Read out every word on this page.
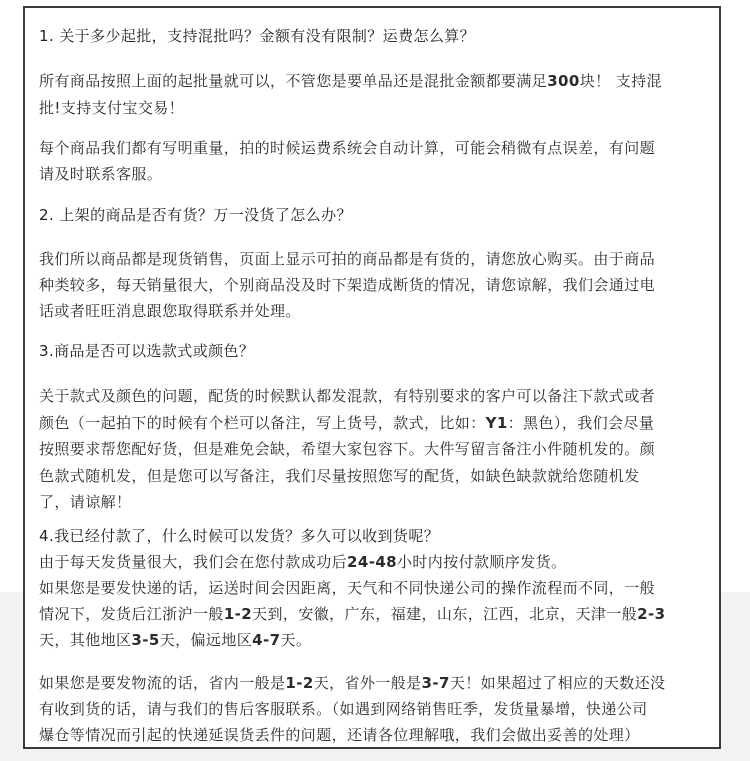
1. 关于多少起批，支持混批吗？金额有没有限制？运费怎么算？
所有商品按照上面的起批量就可以，不管您是要单品还是混批金额都要满足300块！ 支持混
批!支持支付宝交易！
每个商品我们都有写明重量，拍的时候运费系统会自动计算，可能会稍微有点误差，有问题
请及时联系客服。
2. 上架的商品是否有货？万一没货了怎么办？
我们所以商品都是现货销售，页面上显示可拍的商品都是有货的，请您放心购买。由于商品
种类较多，每天销量很大，个别商品没及时下架造成断货的情况，请您谅解，我们会通过电
话或者旺旺消息跟您取得联系并处理。
3.商品是否可以选款式或颜色？
关于款式及颜色的问题，配货的时候默认都发混款，有特别要求的客户可以备注下款式或者
颜色（一起拍下的时候有个栏可以备注，写上货号，款式，比如：Y1：黑色），我们会尽量
按照要求帮您配好货，但是难免会缺，希望大家包容下。大件写留言备注小件随机发的。颜
色款式随机发，但是您可以写备注，我们尽量按照您写的配货，如缺色缺款就给您随机发
了，请谅解！
4.我已经付款了，什么时候可以发货？多久可以收到货呢？
由于每天发货量很大，我们会在您付款成功后24-48小时内按付款顺序发货。
如果您是要发快递的话，运送时间会因距离，天气和不同快递公司的操作流程而不同，一般
情况下，发货后江浙沪一般1-2天到，安徽，广东，福建，山东，江西，北京，天津一般2-3
天，其他地区3-5天，偏远地区4-7天。
如果您是要发物流的话，省内一般是1-2天，省外一般是3-7天！如果超过了相应的天数还没
有收到货的话，请与我们的售后客服联系。（如遇到网络销售旺季，发货量暴增，快递公司
爆仓等情况而引起的快递延误货丢件的问题，还请各位理解哦，我们会做出妥善的处理）
